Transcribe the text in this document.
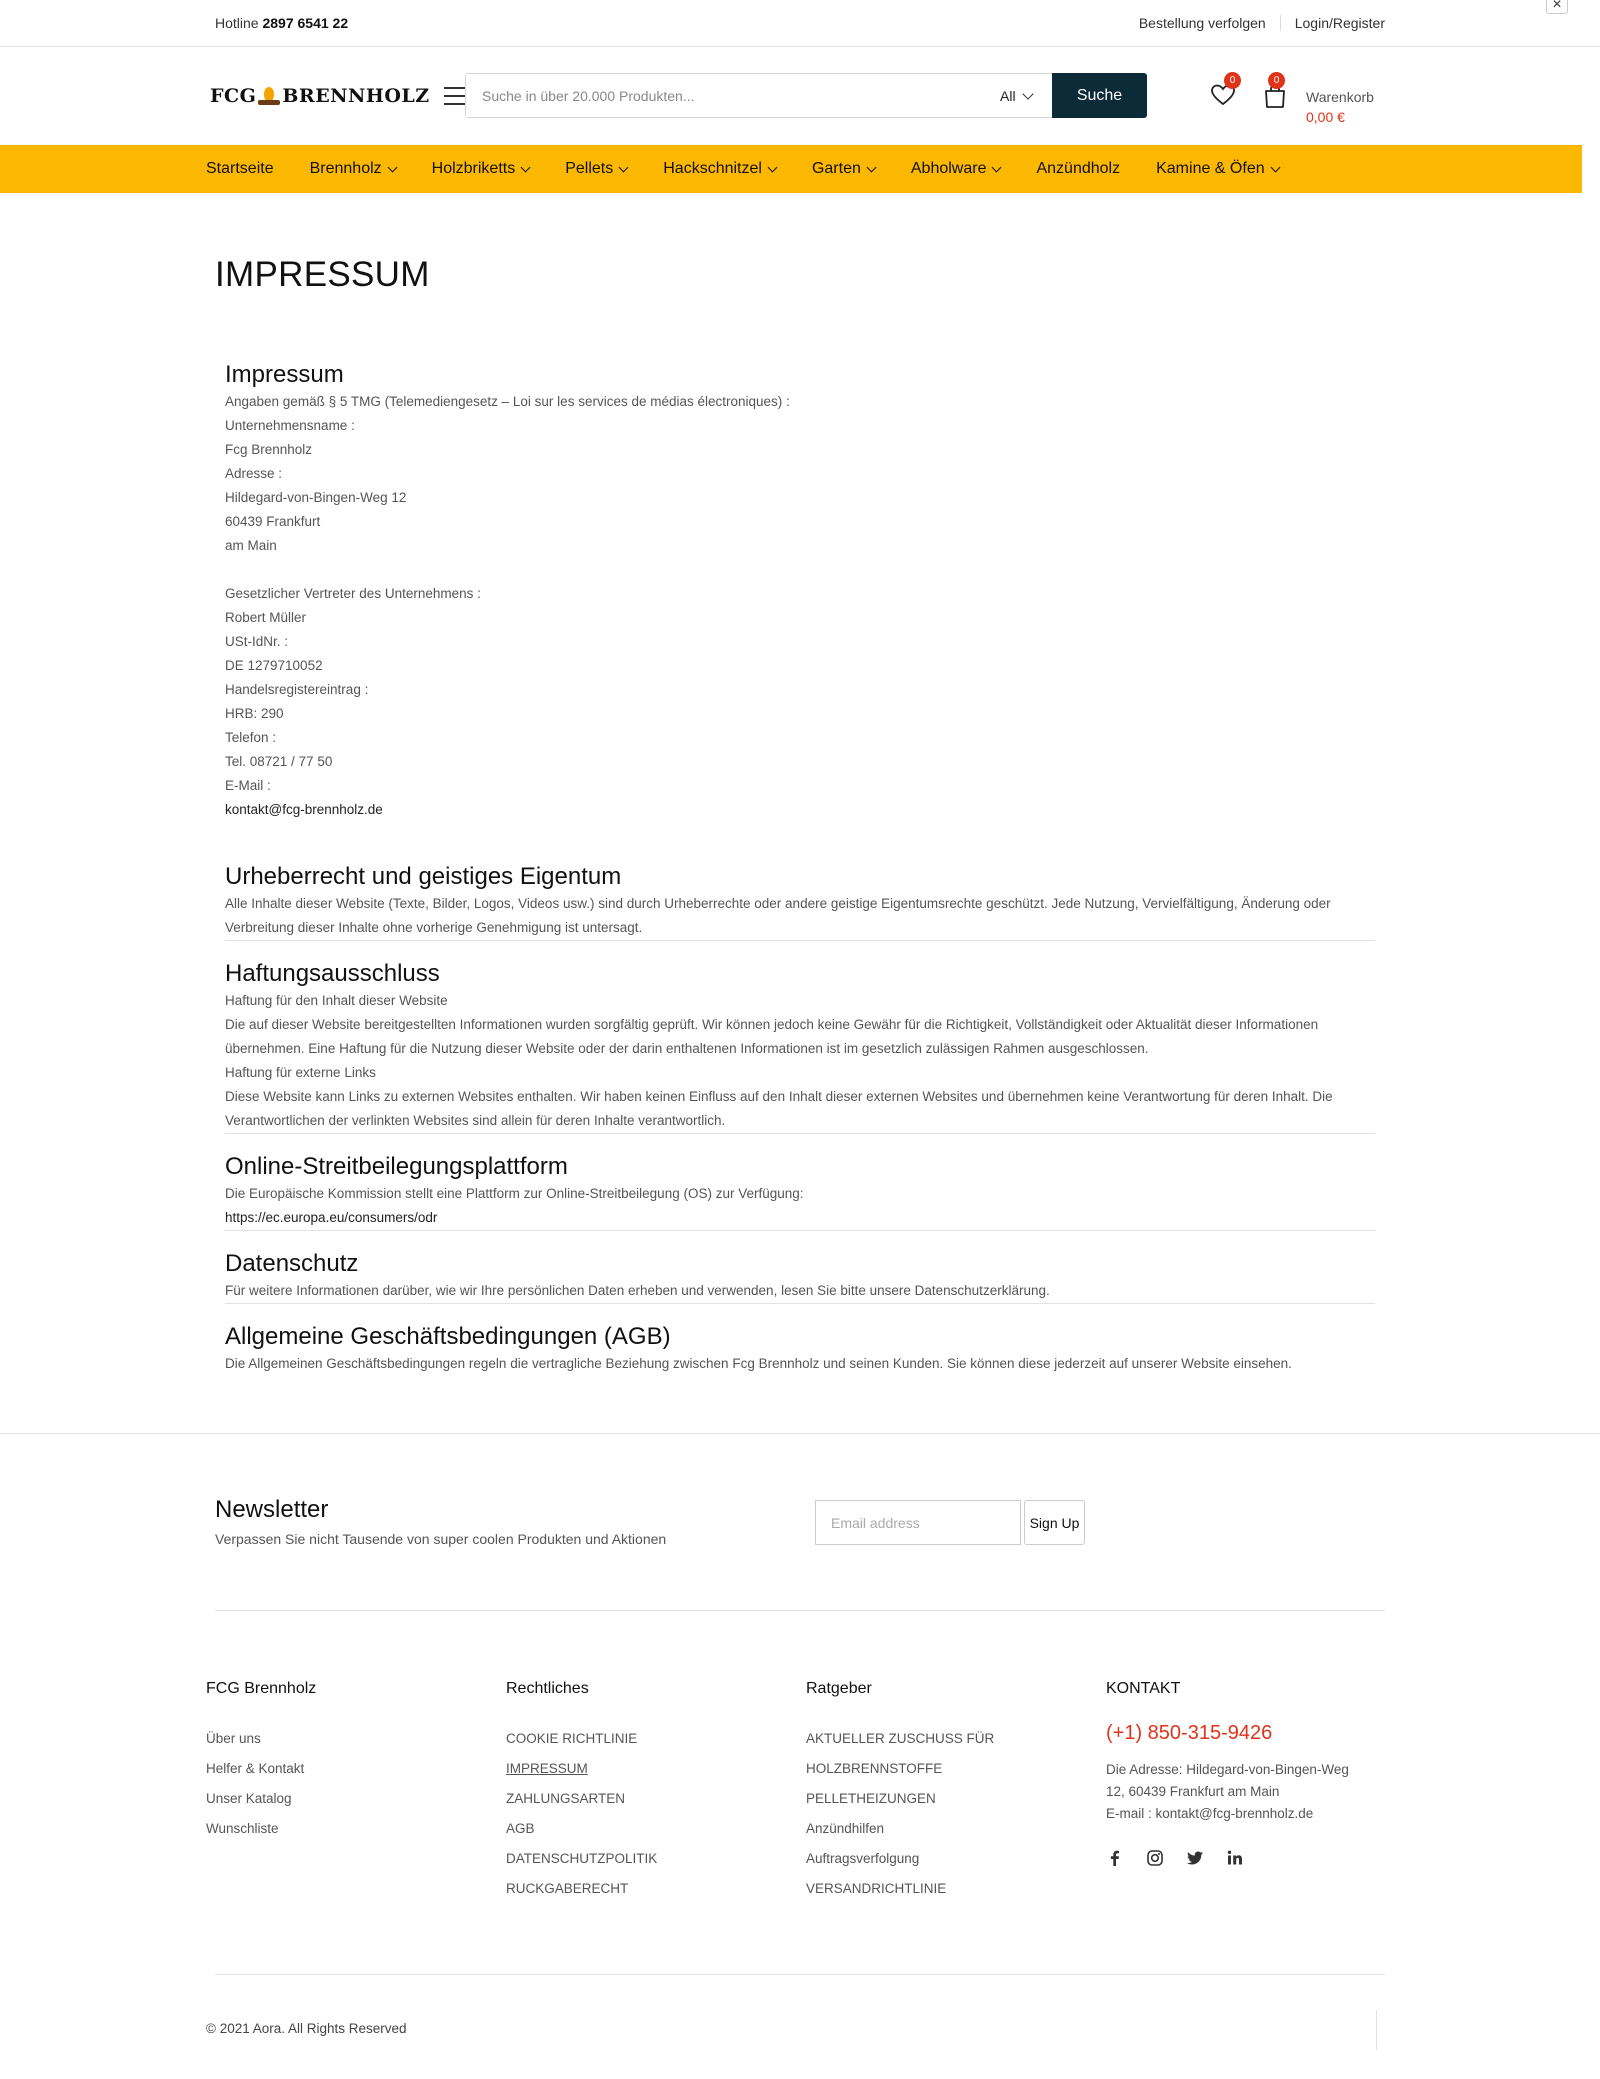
×
Hotline 2897 6541 22	Bestellung verfolgen Login/Register
FCG BRENNHOLZ
Suche in über 20.000 Produkten...	All	Suche
0	0
Warenkorb
0,00 €
Startseite Brennholz	Holzbriketts	Pellets	Hackschnitzel	Garten	Abholware	Anzündholz Kamine & Öfen
IMPRESSUM
Impressum
Angaben gemäß § 5 TMG (Telemediengesetz – Loi sur les services de médias électroniques) :
Unternehmensname :
Fcg Brennholz
Adresse :
Hildegard-von-Bingen-Weg 12
60439 Frankfurt
am Main
Gesetzlicher Vertreter des Unternehmens :
Robert Müller
USt-IdNr. :
DE 1279710052
Handelsregistereintrag :
HRB: 290
Telefon :
Tel. 08721 / 77 50
E-Mail :
kontakt@fcg-brennholz.de
Urheberrecht und geistiges Eigentum

Alle Inhalte dieser Website (Texte, Bilder, Logos, Videos usw.) sind durch Urheberrechte oder andere geistige Eigentumsrechte geschützt. Jede Nutzung, Vervielfältigung, Änderung oder Verbreitung dieser Inhalte ohne vorherige Genehmigung ist untersagt.

Haftungsausschluss

Haftung für den Inhalt dieser Website

Die auf dieser Website bereitgestellten Informationen wurden sorgfältig geprüft. Wir können jedoch keine Gewähr für die Richtigkeit, Vollständigkeit oder Aktualität dieser Informationen übernehmen. Eine Haftung für die Nutzung dieser Website oder der darin enthaltenen Informationen ist im gesetzlich zulässigen Rahmen ausgeschlossen.

Haftung für externe Links

Diese Website kann Links zu externen Websites enthalten. Wir haben keinen Einfluss auf den Inhalt dieser externen Websites und übernehmen keine Verantwortung für deren Inhalt. Die Verantwortlichen der verlinkten Websites sind allein für deren Inhalte verantwortlich.

Online-Streitbeilegungsplattform

Die Europäische Kommission stellt eine Plattform zur Online-Streitbeilegung (OS) zur Verfügung:

https://ec.europa.eu/consumers/odr

Datenschutz

Für weitere Informationen darüber, wie wir Ihre persönlichen Daten erheben und verwenden, lesen Sie bitte unsere Datenschutzerklärung.

Allgemeine Geschäftsbedingungen (AGB)

Die Allgemeinen Geschäftsbedingungen regeln die vertragliche Beziehung zwischen Fcg Brennholz und seinen Kunden. Sie können diese jederzeit auf unserer Website einsehen.

Newsletter
Verpassen Sie nicht Tausende von super coolen Produkten und Aktionen
Email address
Sign Up
FCG Brennholz
Über uns
Helfer & Kontakt
Unser Katalog
Wunschliste
Rechtliches
COOKIE RICHTLINIE
IMPRESSUM
ZAHLUNGSARTEN
AGB
DATENSCHUTZPOLITIK
RUCKGABERECHT
Ratgeber
AKTUELLER ZUSCHUSS FÜR
HOLZBRENNSTOFFE
PELLETHEIZUNGEN
Anzündhilfen
Auftragsverfolgung
VERSANDRICHTLINIE
KONTAKT
(+1) 850-315-9426
Die Adresse: Hildegard-von-Bingen-Weg
12, 60439 Frankfurt am Main
E-mail : kontakt@fcg-brennholz.de
© 2021 Aora. All Rights Reserved
